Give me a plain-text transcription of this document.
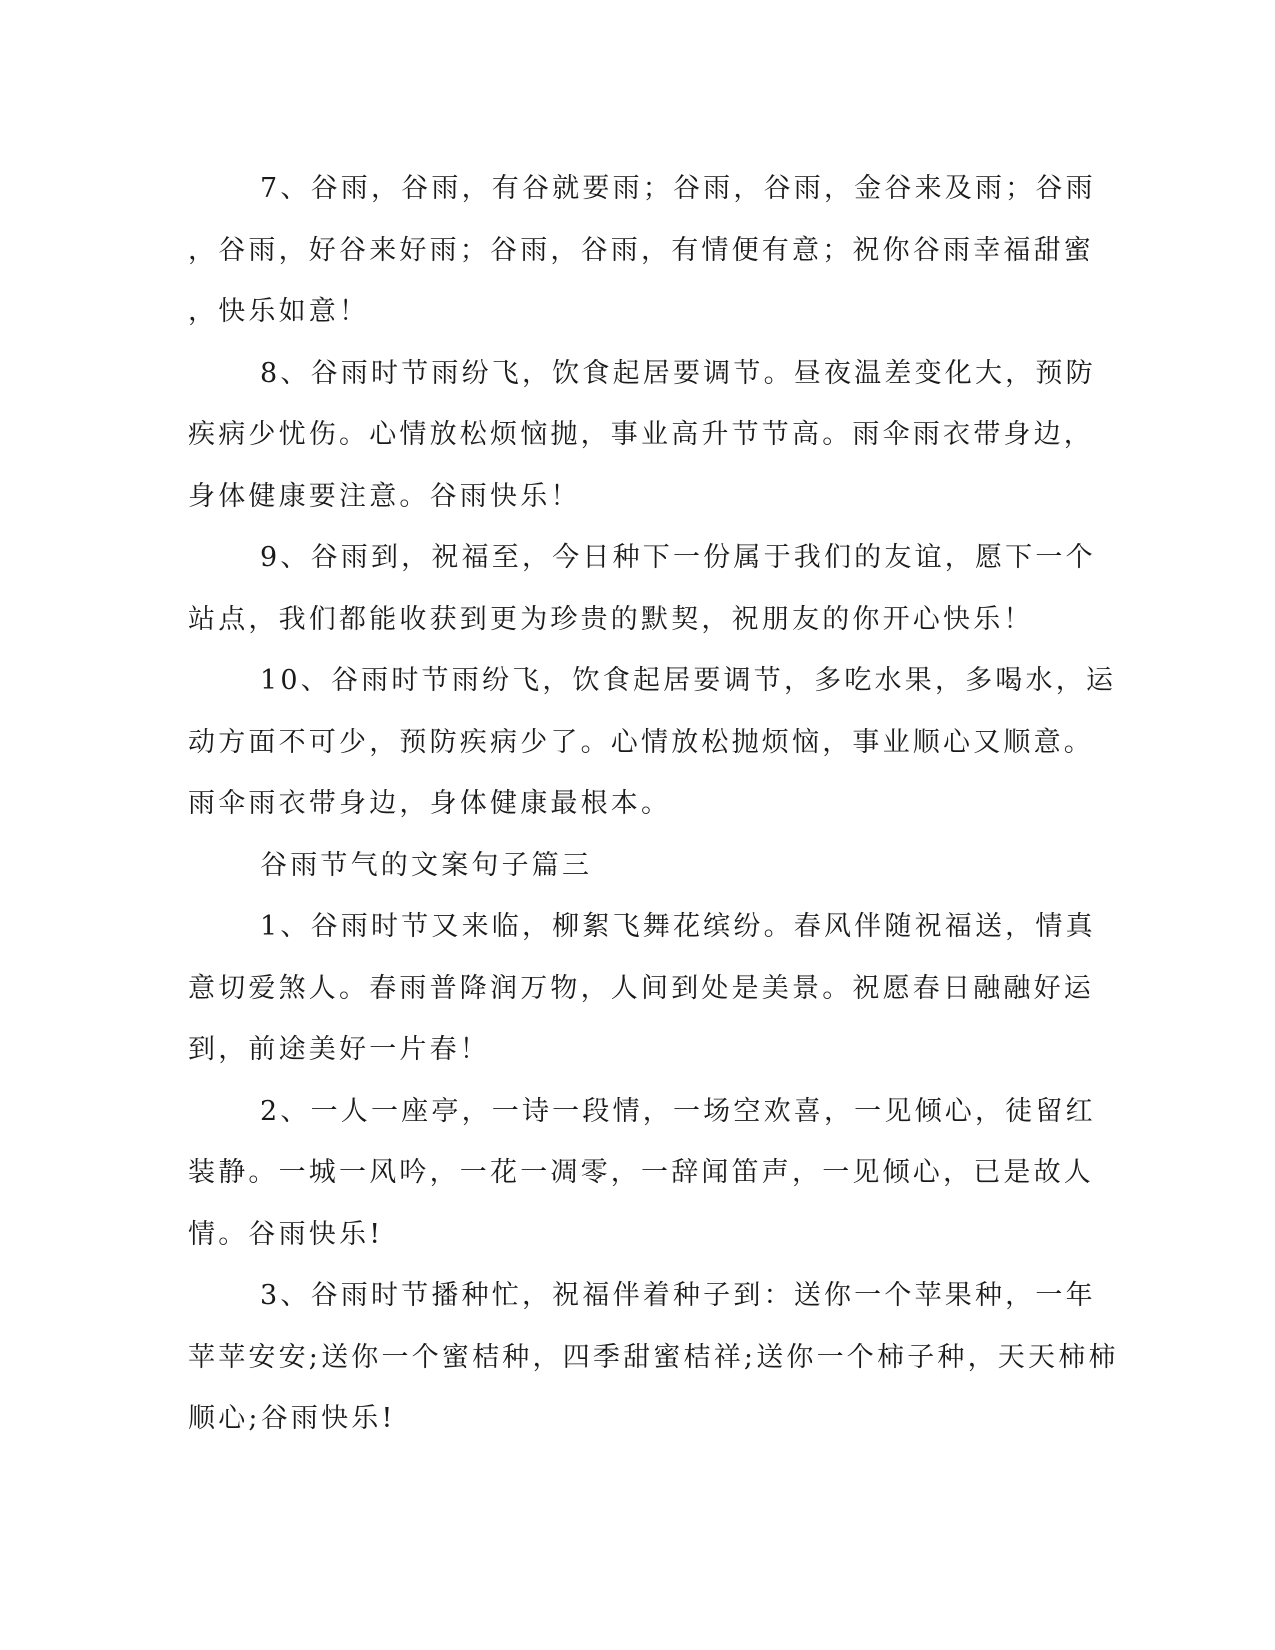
7、谷雨，谷雨，有谷就要雨；谷雨，谷雨，金谷来及雨；谷雨
，谷雨，好谷来好雨；谷雨，谷雨，有情便有意；祝你谷雨幸福甜蜜
，快乐如意！
8、谷雨时节雨纷飞，饮食起居要调节。昼夜温差变化大，预防
疾病少忧伤。心情放松烦恼抛，事业高升节节高。雨伞雨衣带身边，
身体健康要注意。谷雨快乐！
9、谷雨到，祝福至，今日种下一份属于我们的友谊，愿下一个
站点，我们都能收获到更为珍贵的默契，祝朋友的你开心快乐！
10、谷雨时节雨纷飞，饮食起居要调节，多吃水果，多喝水，运
动方面不可少，预防疾病少了。心情放松抛烦恼，事业顺心又顺意。
雨伞雨衣带身边，身体健康最根本。
谷雨节气的文案句子篇三
1、谷雨时节又来临，柳絮飞舞花缤纷。春风伴随祝福送，情真
意切爱煞人。春雨普降润万物，人间到处是美景。祝愿春日融融好运
到，前途美好一片春！
2、一人一座亭，一诗一段情，一场空欢喜，一见倾心，徒留红
装静。一城一风吟，一花一凋零，一辞闻笛声，一见倾心，已是故人
情。谷雨快乐!
3、谷雨时节播种忙，祝福伴着种子到：送你一个苹果种，一年
苹苹安安;送你一个蜜桔种，四季甜蜜桔祥;送你一个柿子种，天天柿柿
顺心;谷雨快乐!
